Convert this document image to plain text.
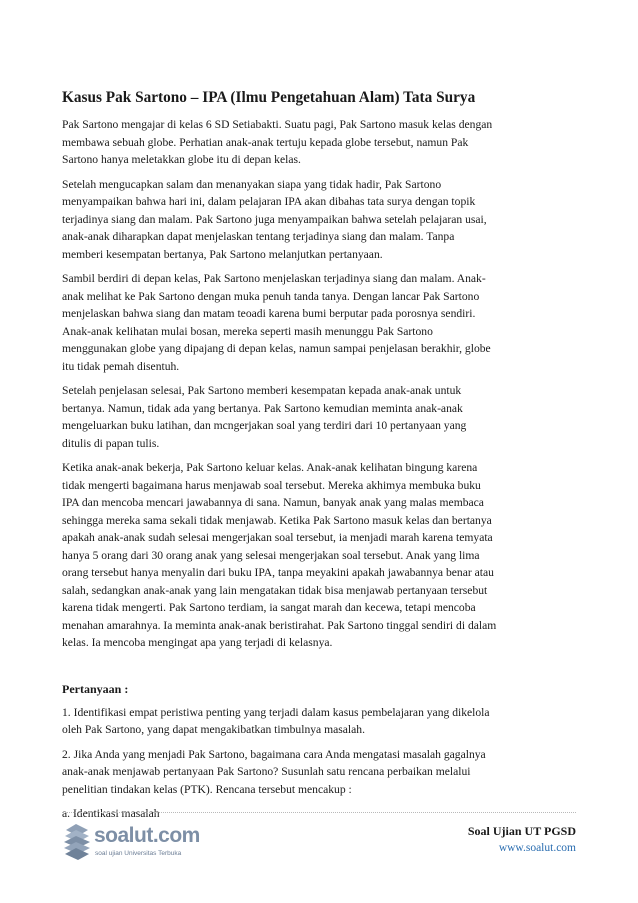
Kasus Pak Sartono – IPA (Ilmu Pengetahuan Alam) Tata Surya
Pak Sartono mengajar di kelas 6 SD Setiabakti. Suatu pagi, Pak Sartono masuk kelas dengan
membawa sebuah globe. Perhatian anak-anak tertuju kepada globe tersebut, namun Pak
Sartono hanya meletakkan globe itu di depan kelas.
Setelah mengucapkan salam dan menanyakan siapa yang tidak hadir, Pak Sartono
menyampaikan bahwa hari ini, dalam pelajaran IPA akan dibahas tata surya dengan topik
terjadinya siang dan malam. Pak Sartono juga menyampaikan bahwa setelah pelajaran usai,
anak-anak diharapkan dapat menjelaskan tentang terjadinya siang dan malam. Tanpa
memberi kesempatan bertanya, Pak Sartono melanjutkan pertanyaan.
Sambil berdiri di depan kelas, Pak Sartono menjelaskan terjadinya siang dan malam. Anak-
anak melihat ke Pak Sartono dengan muka penuh tanda tanya. Dengan lancar Pak Sartono
menjelaskan bahwa siang dan matam teoadi karena bumi berputar pada porosnya sendiri.
Anak-anak kelihatan mulai bosan, mereka seperti masih menunggu Pak Sartono
menggunakan globe yang dipajang di depan kelas, namun sampai penjelasan berakhir, globe
itu tidak pemah disentuh.
Setelah penjelasan selesai, Pak Sartono memberi kesempatan kepada anak-anak untuk
bertanya. Namun, tidak ada yang bertanya. Pak Sartono kemudian meminta anak-anak
mengeluarkan buku latihan, dan mcngerjakan soal yang terdiri dari 10 pertanyaan yang
ditulis di papan tulis.
Ketika anak-anak bekerja, Pak Sartono keluar kelas. Anak-anak kelihatan bingung karena
tidak mengerti bagaimana harus menjawab soal tersebut. Mereka akhimya membuka buku
IPA dan mencoba mencari jawabannya di sana. Namun, banyak anak yang malas membaca
sehingga mereka sama sekali tidak menjawab. Ketika Pak Sartono masuk kelas dan bertanya
apakah anak-anak sudah selesai mengerjakan soal tersebut, ia menjadi marah karena temyata
hanya 5 orang dari 30 orang anak yang selesai mengerjakan soal tersebut. Anak yang lima
orang tersebut hanya menyalin dari buku IPA, tanpa meyakini apakah jawabannya benar atau
salah, sedangkan anak-anak yang lain mengatakan tidak bisa menjawab pertanyaan tersebut
karena tidak mengerti. Pak Sartono terdiam, ia sangat marah dan kecewa, tetapi mencoba
menahan amarahnya. Ia meminta anak-anak beristirahat. Pak Sartono tinggal sendiri di dalam
kelas. Ia mencoba mengingat apa yang terjadi di kelasnya.
Pertanyaan :
1. Identifikasi empat peristiwa penting yang terjadi dalam kasus pembelajaran yang dikelola
oleh Pak Sartono, yang dapat mengakibatkan timbulnya masalah.
2. Jika Anda yang menjadi Pak Sartono, bagaimana cara Anda mengatasi masalah gagalnya
anak-anak menjawab pertanyaan Pak Sartono? Susunlah satu rencana perbaikan melalui
penelitian tindakan kelas (PTK). Rencana tersebut mencakup :
a. Identikasi masalah
soalut.com
soal ujian Universitas Terbuka
Soal Ujian UT PGSD
www.soalut.com
